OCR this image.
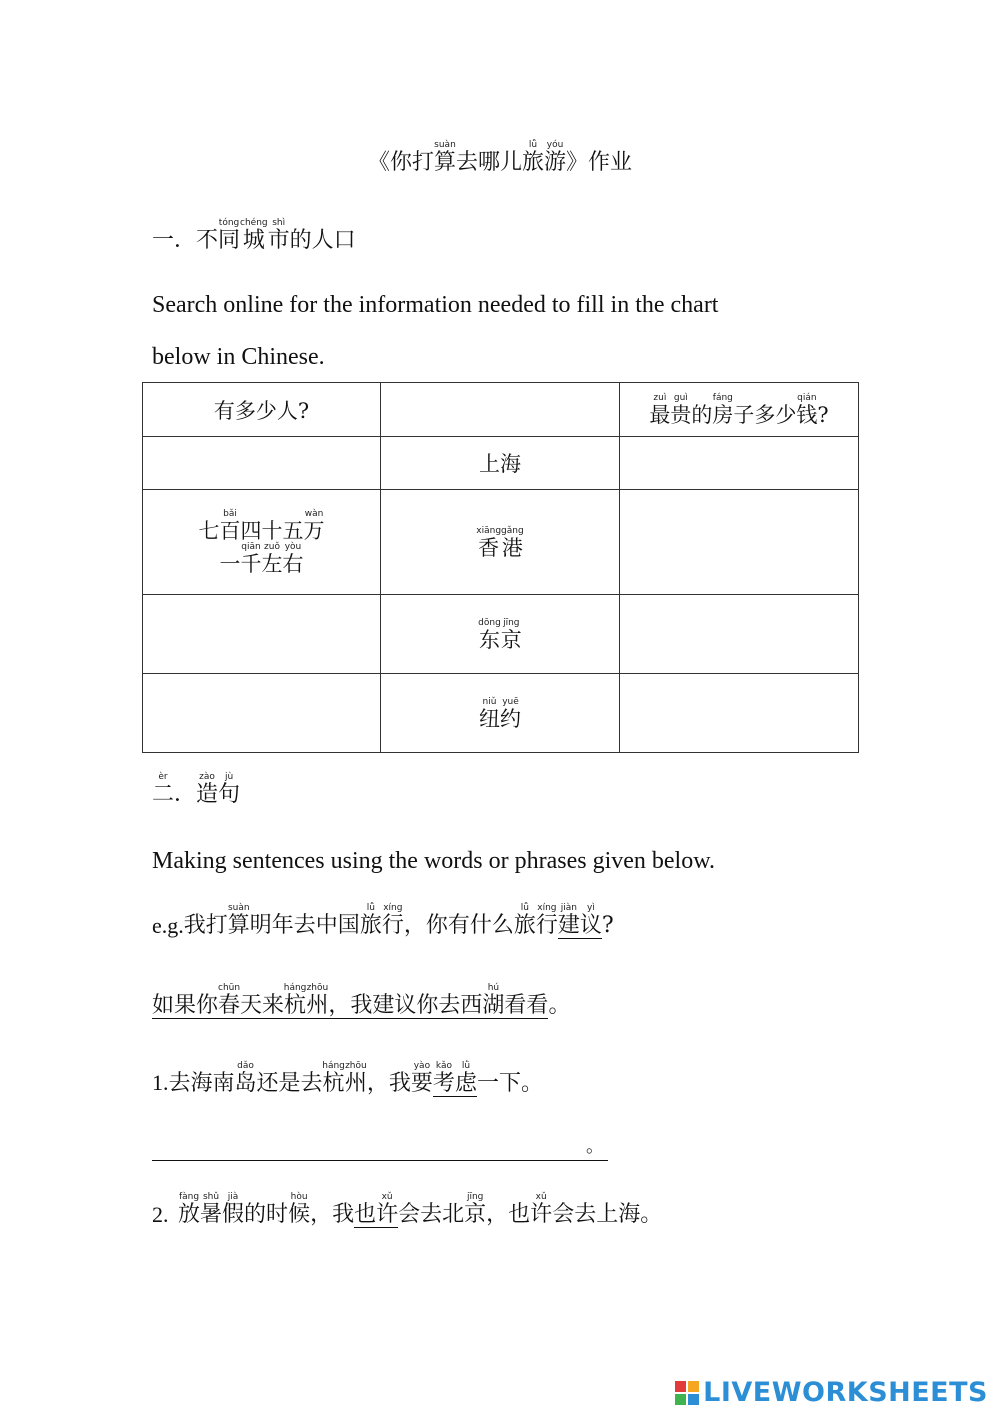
《你打算suàn去哪儿旅lǚ游yóu》作业
一．不同tóng城chéng市shì的人口
Search online for the information needed to fill in the chart
below in Chinese.
有多少人?		最zuì贵guì的房fáng子多少钱qián?
	上海	

七百bǎi四十五万wàn
一千qiān左zuǒ右yòu	香xiāng港gǎng		
	东dōng京jīng		
	纽niǔ约yuē		
二èr．造zào句jù
Making sentences using the words or phrases given below.
e.g.我打算suàn明年去中国旅lǚ行xíng，你有什么旅lǚ行xíng建jiàn议yì?
如果你春chūn天来杭háng州zhōu，我建议你去西湖hú看看。
1.去海南岛dǎo还是去杭háng州zhōu，我要yào考kǎo虑lǜ一下。
。
2. 放fàng暑shǔ假jià的时候hòu，我也许xǔ会去北京jīng，也许xǔ会去上海。
LIVEWORKSHEETS
